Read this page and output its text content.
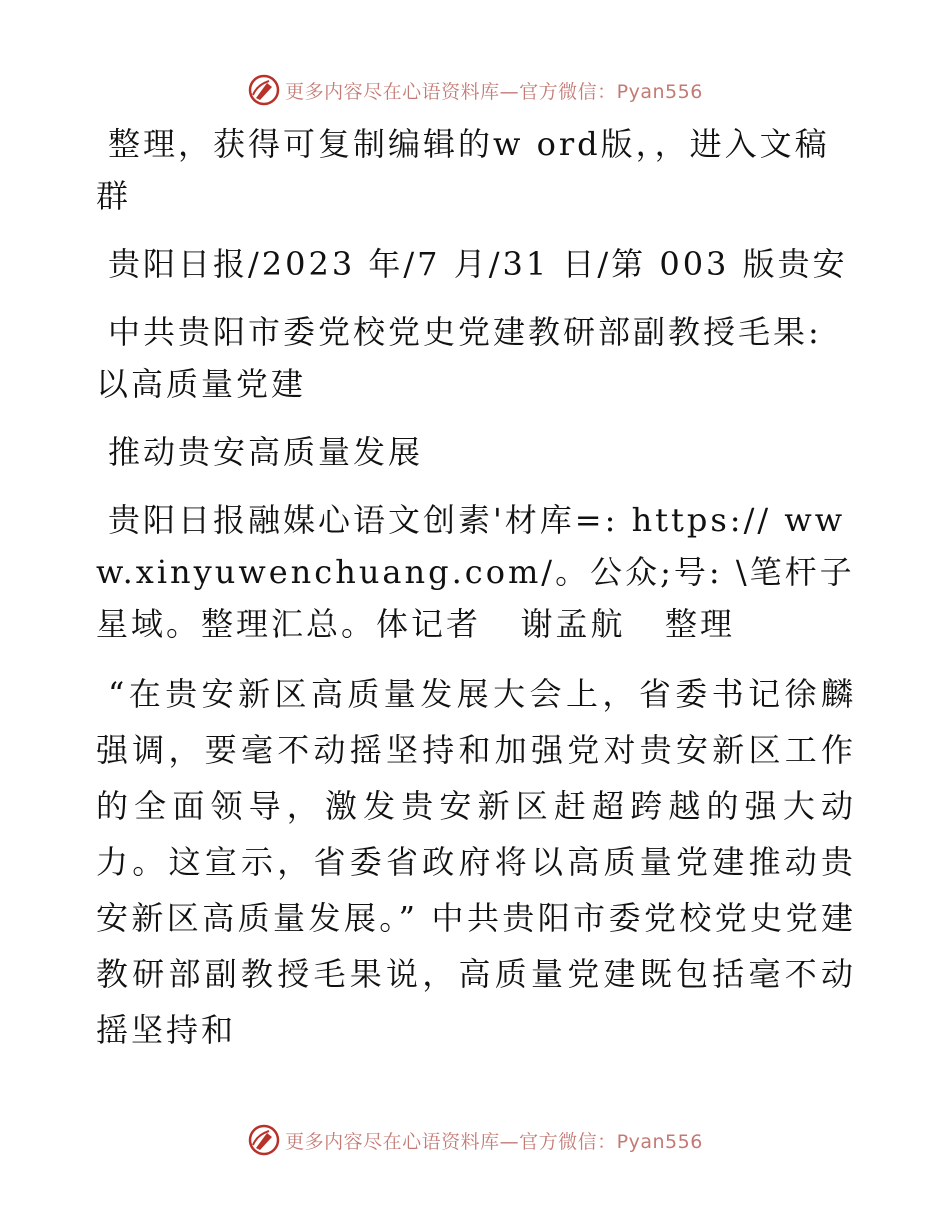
更多内容尽在心语资料库—官方微信：Pyan556

整理，获得可复制编辑的w ord版，，进入文稿群

贵阳日报/2023 年/7 月/31 日/第 003 版贵安

中共贵阳市委党校党史党建教研部副教授毛果:以高质量党建

推动贵安高质量发展

贵阳日报融媒心语文创素'材库=: https:// www.xinyuwenchuang.com/。公众;号: \笔杆子星域。整理汇总。体记者   谢孟航   整理

“在贵安新区高质量发展大会上，省委书记徐麟强调，要毫不动摇坚持和加强党对贵安新区工作的全面领导，激发贵安新区赶超跨越的强大动力。这宣示，省委省政府将以高质量党建推动贵安新区高质量发展。” 中共贵阳市委党校党史党建教研部副教授毛果说，高质量党建既包括毫不动摇坚持和

更多内容尽在心语资料库—官方微信：Pyan556
